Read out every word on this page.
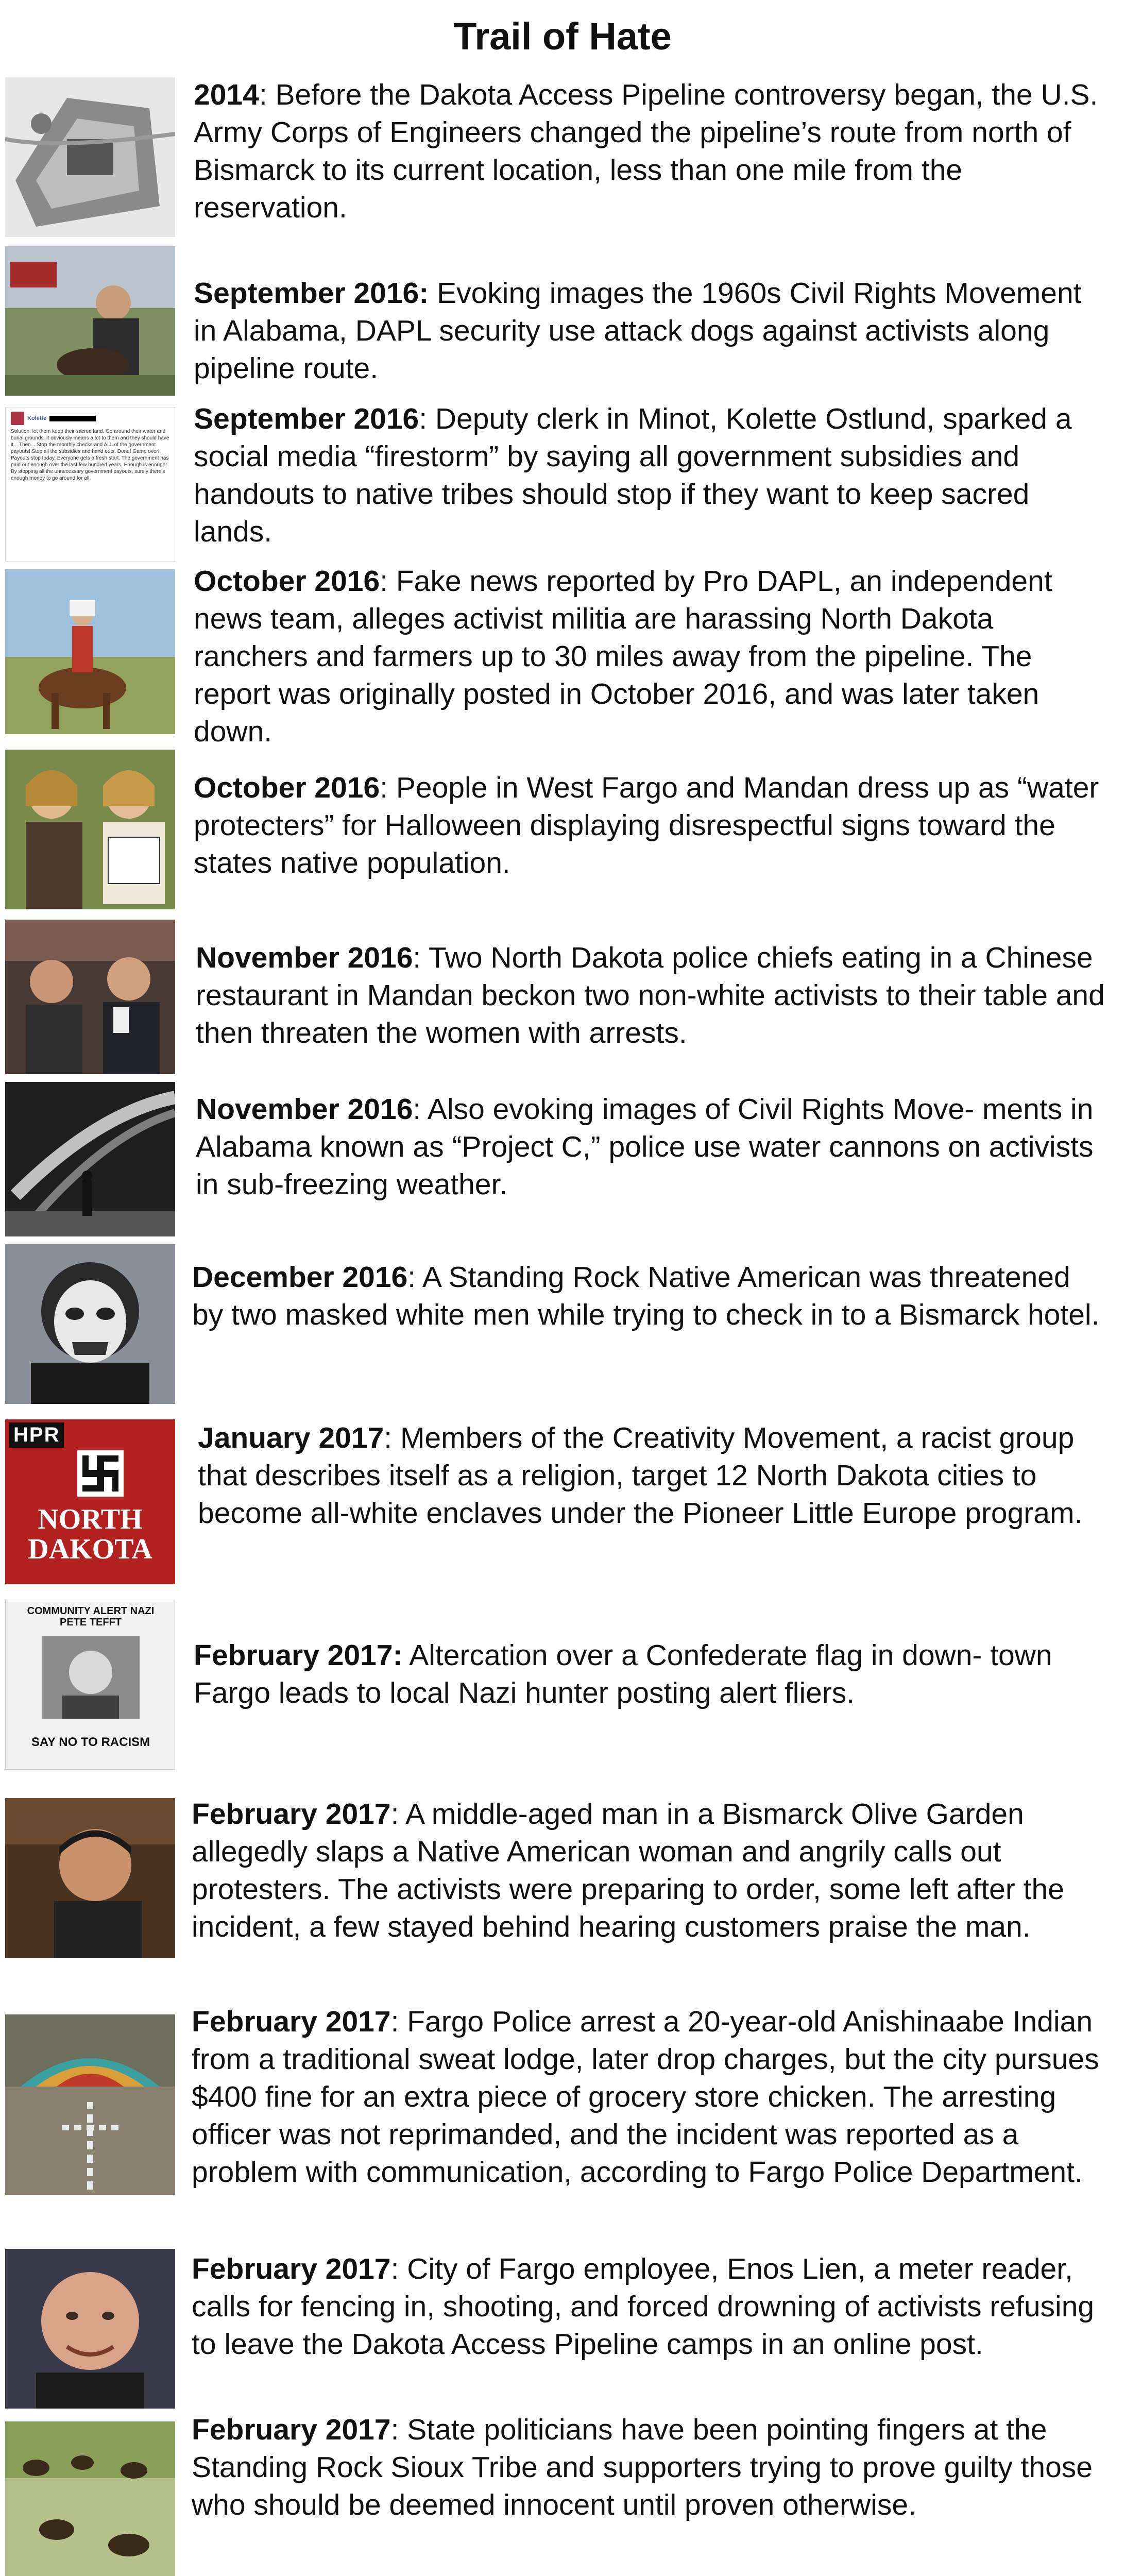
Trail of Hate
2014: Before the Dakota Access Pipeline controversy began, the U.S. Army Corps of Engineers changed the pipeline’s route from north of Bismarck to its current location, less than one mile from the reservation.
September 2016: Evoking images the 1960s Civil Rights Movement in Alabama, DAPL security use attack dogs against activists along pipeline route.
Kolette
Solution: let them keep their sacred land. Go around their water and burial grounds. It obviously means a lot to them and they should have it... Then... Stop the monthly checks and ALL of the government payouts! Stop all the subsidies and hand outs. Done! Game over! Payouts stop today. Everyone gets a fresh start. The government has paid out enough over the last few hundred years. Enough is enough! By stopping all the unnecessary government payouts, surely there's enough money to go around for all.
September 2016: Deputy clerk in Minot, Kolette Ostlund, sparked a social media “firestorm” by saying all government subsidies and handouts to native tribes should stop if they want to keep sacred lands.
October 2016: Fake news reported by Pro DAPL, an independent news team, alleges activist militia are harassing North Dakota ranchers and farmers up to 30 miles away from the pipeline. The report was originally posted in October 2016, and was later taken down.
October 2016: People in West Fargo and Mandan dress up as “water protecters” for Halloween displaying disrespectful signs toward the states native population.
November 2016: Two North Dakota police chiefs eating in a Chinese restaurant in Mandan beckon two non-white activists to their table and then threaten the women with arrests.
November 2016: Also evoking images of Civil Rights Move- ments in Alabama known as “Project C,” police use water cannons on activists in sub-freezing weather.
December 2016: A Standing Rock Native American was threatened by two masked white men while trying to check in to a Bismarck hotel.
HPR
NORTH DAKOTA
January 2017: Members of the Creativity Movement, a racist group that describes itself as a religion, target 12 North Dakota cities to become all-white enclaves under the Pioneer Little Europe program.
COMMUNITY ALERT NAZI PETE TEFFT
SAY NO TO RACISM
February 2017: Altercation over a Confederate flag in down- town Fargo leads to local Nazi hunter posting alert fliers.
February 2017: A middle-aged man in a Bismarck Olive Garden allegedly slaps a Native American woman and angrily calls out protesters. The activists were preparing to order, some left after the incident, a few stayed behind hearing customers praise the man.
February 2017: Fargo Police arrest a 20-year-old Anishinaabe Indian from a traditional sweat lodge, later drop charges, but the city pursues $400 fine for an extra piece of grocery store chicken. The arresting officer was not reprimanded, and the incident was reported as a problem with communication, according to Fargo Police Department.
February 2017: City of Fargo employee, Enos Lien, a meter reader, calls for fencing in, shooting, and forced drowning of activists refusing to leave the Dakota Access Pipeline camps in an online post.
February 2017: State politicians have been pointing fingers at the Standing Rock Sioux Tribe and supporters trying to prove guilty those who should be deemed innocent until proven otherwise.
